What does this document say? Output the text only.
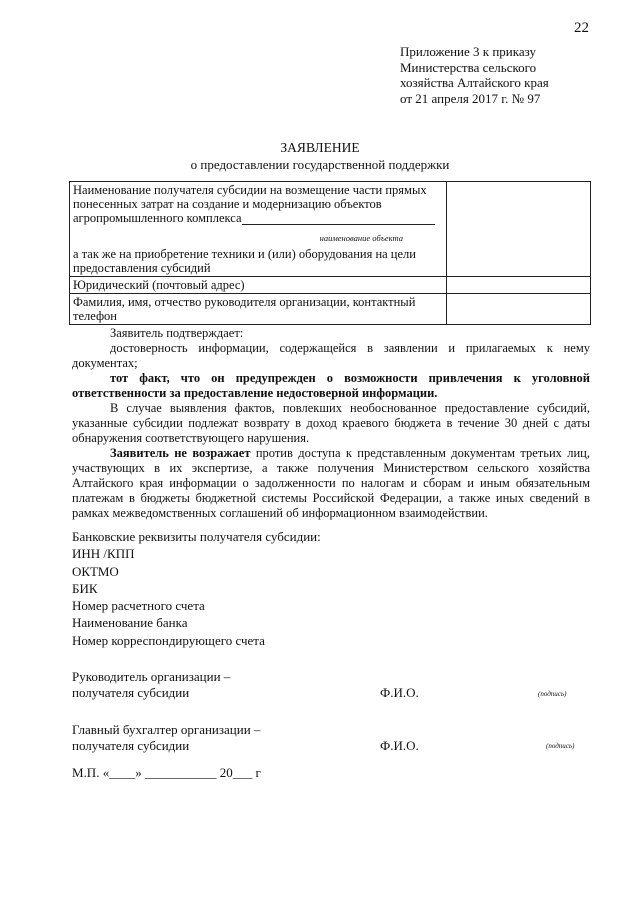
22
Приложение 3 к приказу
Министерства сельского
хозяйства Алтайского края
от 21 апреля 2017 г. № 97
ЗАЯВЛЕНИЕ
о предоставлении государственной поддержки
Наименование получателя субсидии на возмещение части прямых понесенных затрат на создание и модернизацию объектов агропромышленного комплекса
наименование объекта
а так же на приобретение техники и (или) оборудования на цели предоставления субсидий	

Юридический (почтовый адрес)	
Фамилия, имя, отчество руководителя организации, контактный телефон	
Заявитель подтверждает:
достоверность информации, содержащейся в заявлении и прилагаемых к нему документах;
тот факт, что он предупрежден о возможности привлечения к уголовной ответственности за предоставление недостоверной информации.
В случае выявления фактов, повлекших необоснованное предоставление субсидий, указанные субсидии подлежат возврату в доход краевого бюджета в течение 30 дней с даты обнаружения соответствующего нарушения.
Заявитель не возражает против доступа к представленным документам третьих лиц, участвующих в их экспертизе, а также получения Министерством сельского хозяйства Алтайского края информации о задолженности по налогам и сборам и иным обязательным платежам в бюджеты бюджетной системы Российской Федерации, а также иных сведений в рамках межведомственных соглашений об информационном взаимодействии.
Банковские реквизиты получателя субсидии:
ИНН /КПП
ОКТМО
БИК
Номер расчетного счета
Наименование банка
Номер корреспондирующего счета
Руководитель организации –
получателя субсидии	Ф.И.О.	(подпись)
Главный бухгалтер организации –
получателя субсидии	Ф.И.О.	(подпись)
М.П. «____» ___________ 20___ г
